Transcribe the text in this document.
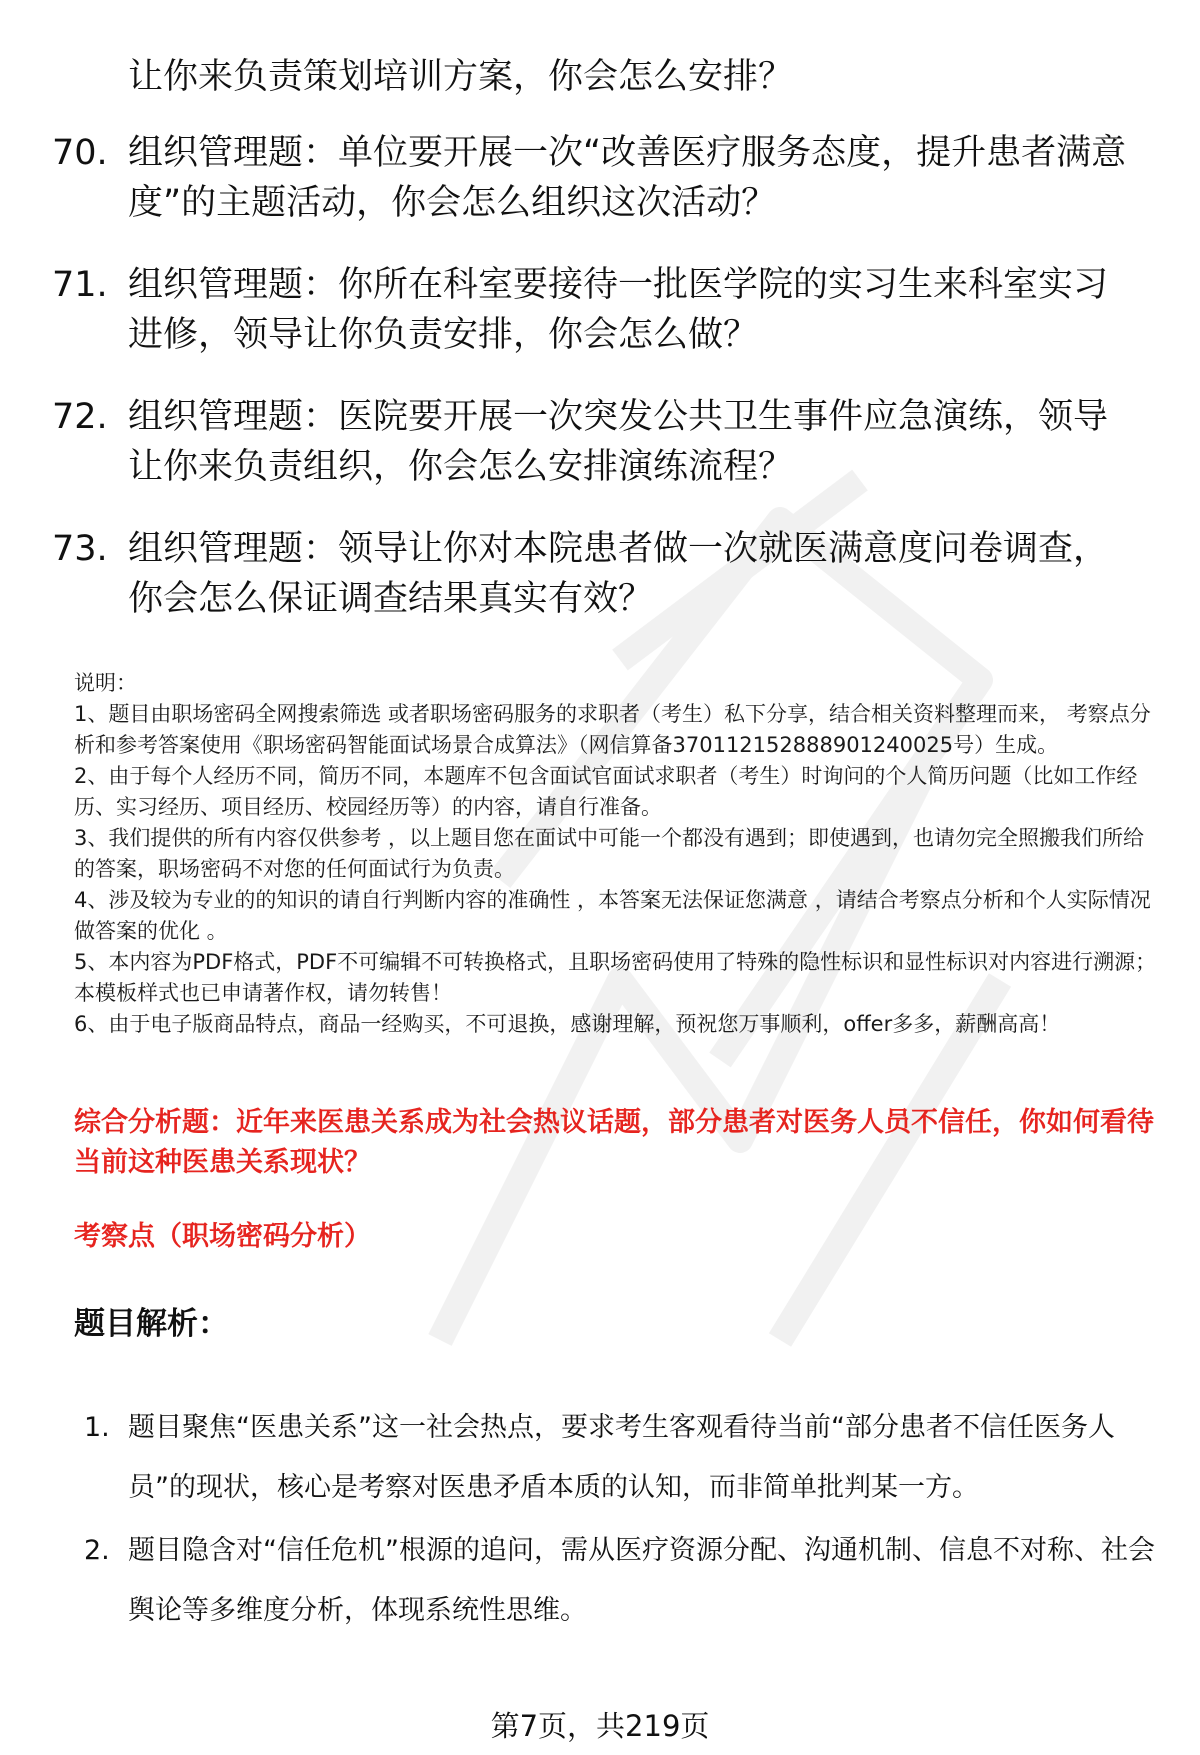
让你来负责策划培训方案，你会怎么安排？
70. 组织管理题：单位要开展一次“改善医疗服务态度，提升患者满意度”的主题活动，你会怎么组织这次活动？
71. 组织管理题：你所在科室要接待一批医学院的实习生来科室实习进修，领导让你负责安排，你会怎么做？
72. 组织管理题：医院要开展一次突发公共卫生事件应急演练，领导让你来负责组织，你会怎么安排演练流程？
73. 组织管理题：领导让你对本院患者做一次就医满意度问卷调查，你会怎么保证调查结果真实有效？
说明：
1、题目由职场密码全网搜索筛选 或者职场密码服务的求职者（考生）私下分享，结合相关资料整理而来， 考察点分析和参考答案使用《职场密码智能面试场景合成算法》（网信算备370112152888901240025号）生成。
2、由于每个人经历不同，简历不同，本题库不包含面试官面试求职者（考生）时询问的个人简历问题（比如工作经历、实习经历、项目经历、校园经历等）的内容，请自行准备。
3、我们提供的所有内容仅供参考 ，以上题目您在面试中可能一个都没有遇到；即使遇到，也请勿完全照搬我们所给的答案，职场密码不对您的任何面试行为负责。
4、涉及较为专业的的知识的请自行判断内容的准确性 ，本答案无法保证您满意 ，请结合考察点分析和个人实际情况做答案的优化 。
5、本内容为PDF格式，PDF不可编辑不可转换格式，且职场密码使用了特殊的隐性标识和显性标识对内容进行溯源；本模板样式也已申请著作权，请勿转售！
6、由于电子版商品特点，商品一经购买，不可退换，感谢理解，预祝您万事顺利，offer多多，薪酬高高！
综合分析题：近年来医患关系成为社会热议话题，部分患者对医务人员不信任，你如何看待当前这种医患关系现状？
考察点（职场密码分析）
题目解析：
1. 题目聚焦“医患关系”这一社会热点，要求考生客观看待当前“部分患者不信任医务人员”的现状，核心是考察对医患矛盾本质的认知，而非简单批判某一方。
2. 题目隐含对“信任危机”根源的追问，需从医疗资源分配、沟通机制、信息不对称、社会舆论等多维度分析，体现系统性思维。
第7页，共219页
